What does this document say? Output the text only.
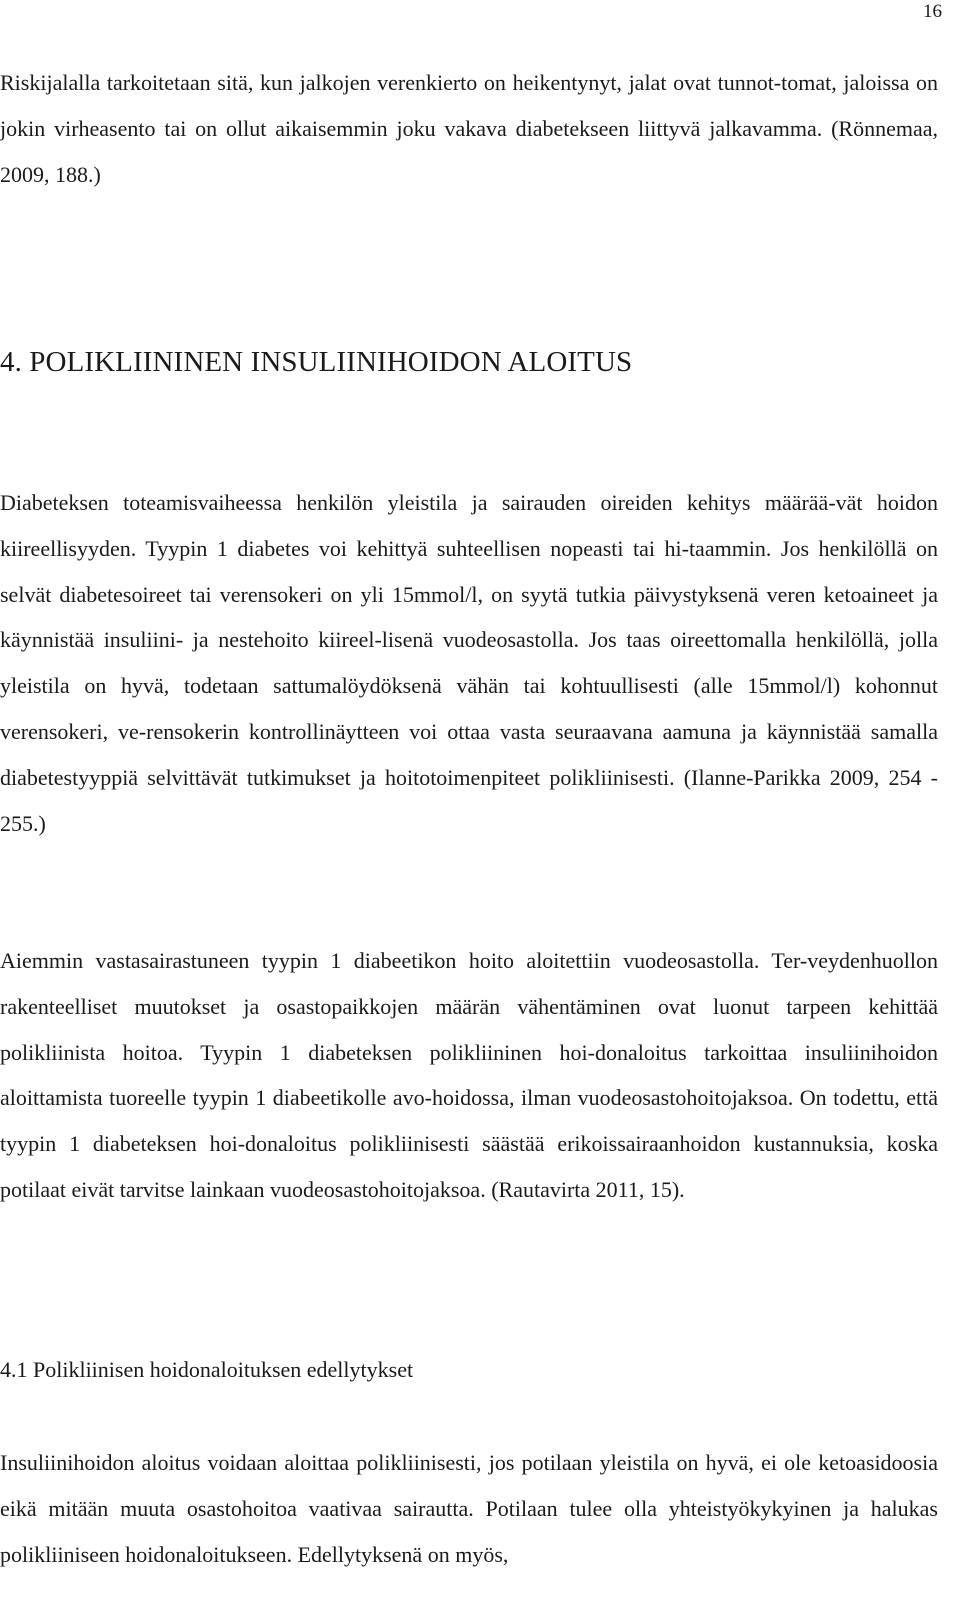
16

Riskijalalla tarkoitetaan sitä, kun jalkojen verenkierto on heikentynyt, jalat ovat tunnot-tomat, jaloissa on jokin virheasento tai on ollut aikaisemmin joku vakava diabetekseen liittyvä jalkavamma. (Rönnemaa, 2009, 188.)

4. POLIKLIININEN INSULIINIHOIDON ALOITUS

Diabeteksen toteamisvaiheessa henkilön yleistila ja sairauden oireiden kehitys määrää-vät hoidon kiireellisyyden. Tyypin 1 diabetes voi kehittyä suhteellisen nopeasti tai hi-taammin. Jos henkilöllä on selvät diabetesoireet tai verensokeri on yli 15mmol/l, on syytä tutkia päivystyksenä veren ketoaineet ja käynnistää insuliini- ja nestehoito kiireel-lisenä vuodeosastolla. Jos taas oireettomalla henkilöllä, jolla yleistila on hyvä, todetaan sattumalöydöksenä vähän tai kohtuullisesti (alle 15mmol/l) kohonnut verensokeri, ve-rensokerin kontrollinäytteen voi ottaa vasta seuraavana aamuna ja käynnistää samalla diabetestyyppiä selvittävät tutkimukset ja hoitotoimenpiteet polikliinisesti. (Ilanne-Parikka 2009, 254 - 255.)

Aiemmin vastasairastuneen tyypin 1 diabeetikon hoito aloitettiin vuodeosastolla. Ter-veydenhuollon rakenteelliset muutokset ja osastopaikkojen määrän vähentäminen ovat luonut tarpeen kehittää polikliinista hoitoa. Tyypin 1 diabeteksen polikliininen hoi-donaloitus tarkoittaa insuliinihoidon aloittamista tuoreelle tyypin 1 diabeetikolle avo-hoidossa, ilman vuodeosastohoitojaksoa. On todettu, että tyypin 1 diabeteksen hoi-donaloitus polikliinisesti säästää erikoissairaanhoidon kustannuksia, koska potilaat eivät tarvitse lainkaan vuodeosastohoitojaksoa. (Rautavirta 2011, 15).

4.1 Polikliinisen hoidonaloituksen edellytykset

Insuliinihoidon aloitus voidaan aloittaa polikliinisesti, jos potilaan yleistila on hyvä, ei ole ketoasidoosia eikä mitään muuta osastohoitoa vaativaa sairautta. Potilaan tulee olla yhteistyökykyinen ja halukas polikliiniseen hoidonaloitukseen. Edellytyksenä on myös,
